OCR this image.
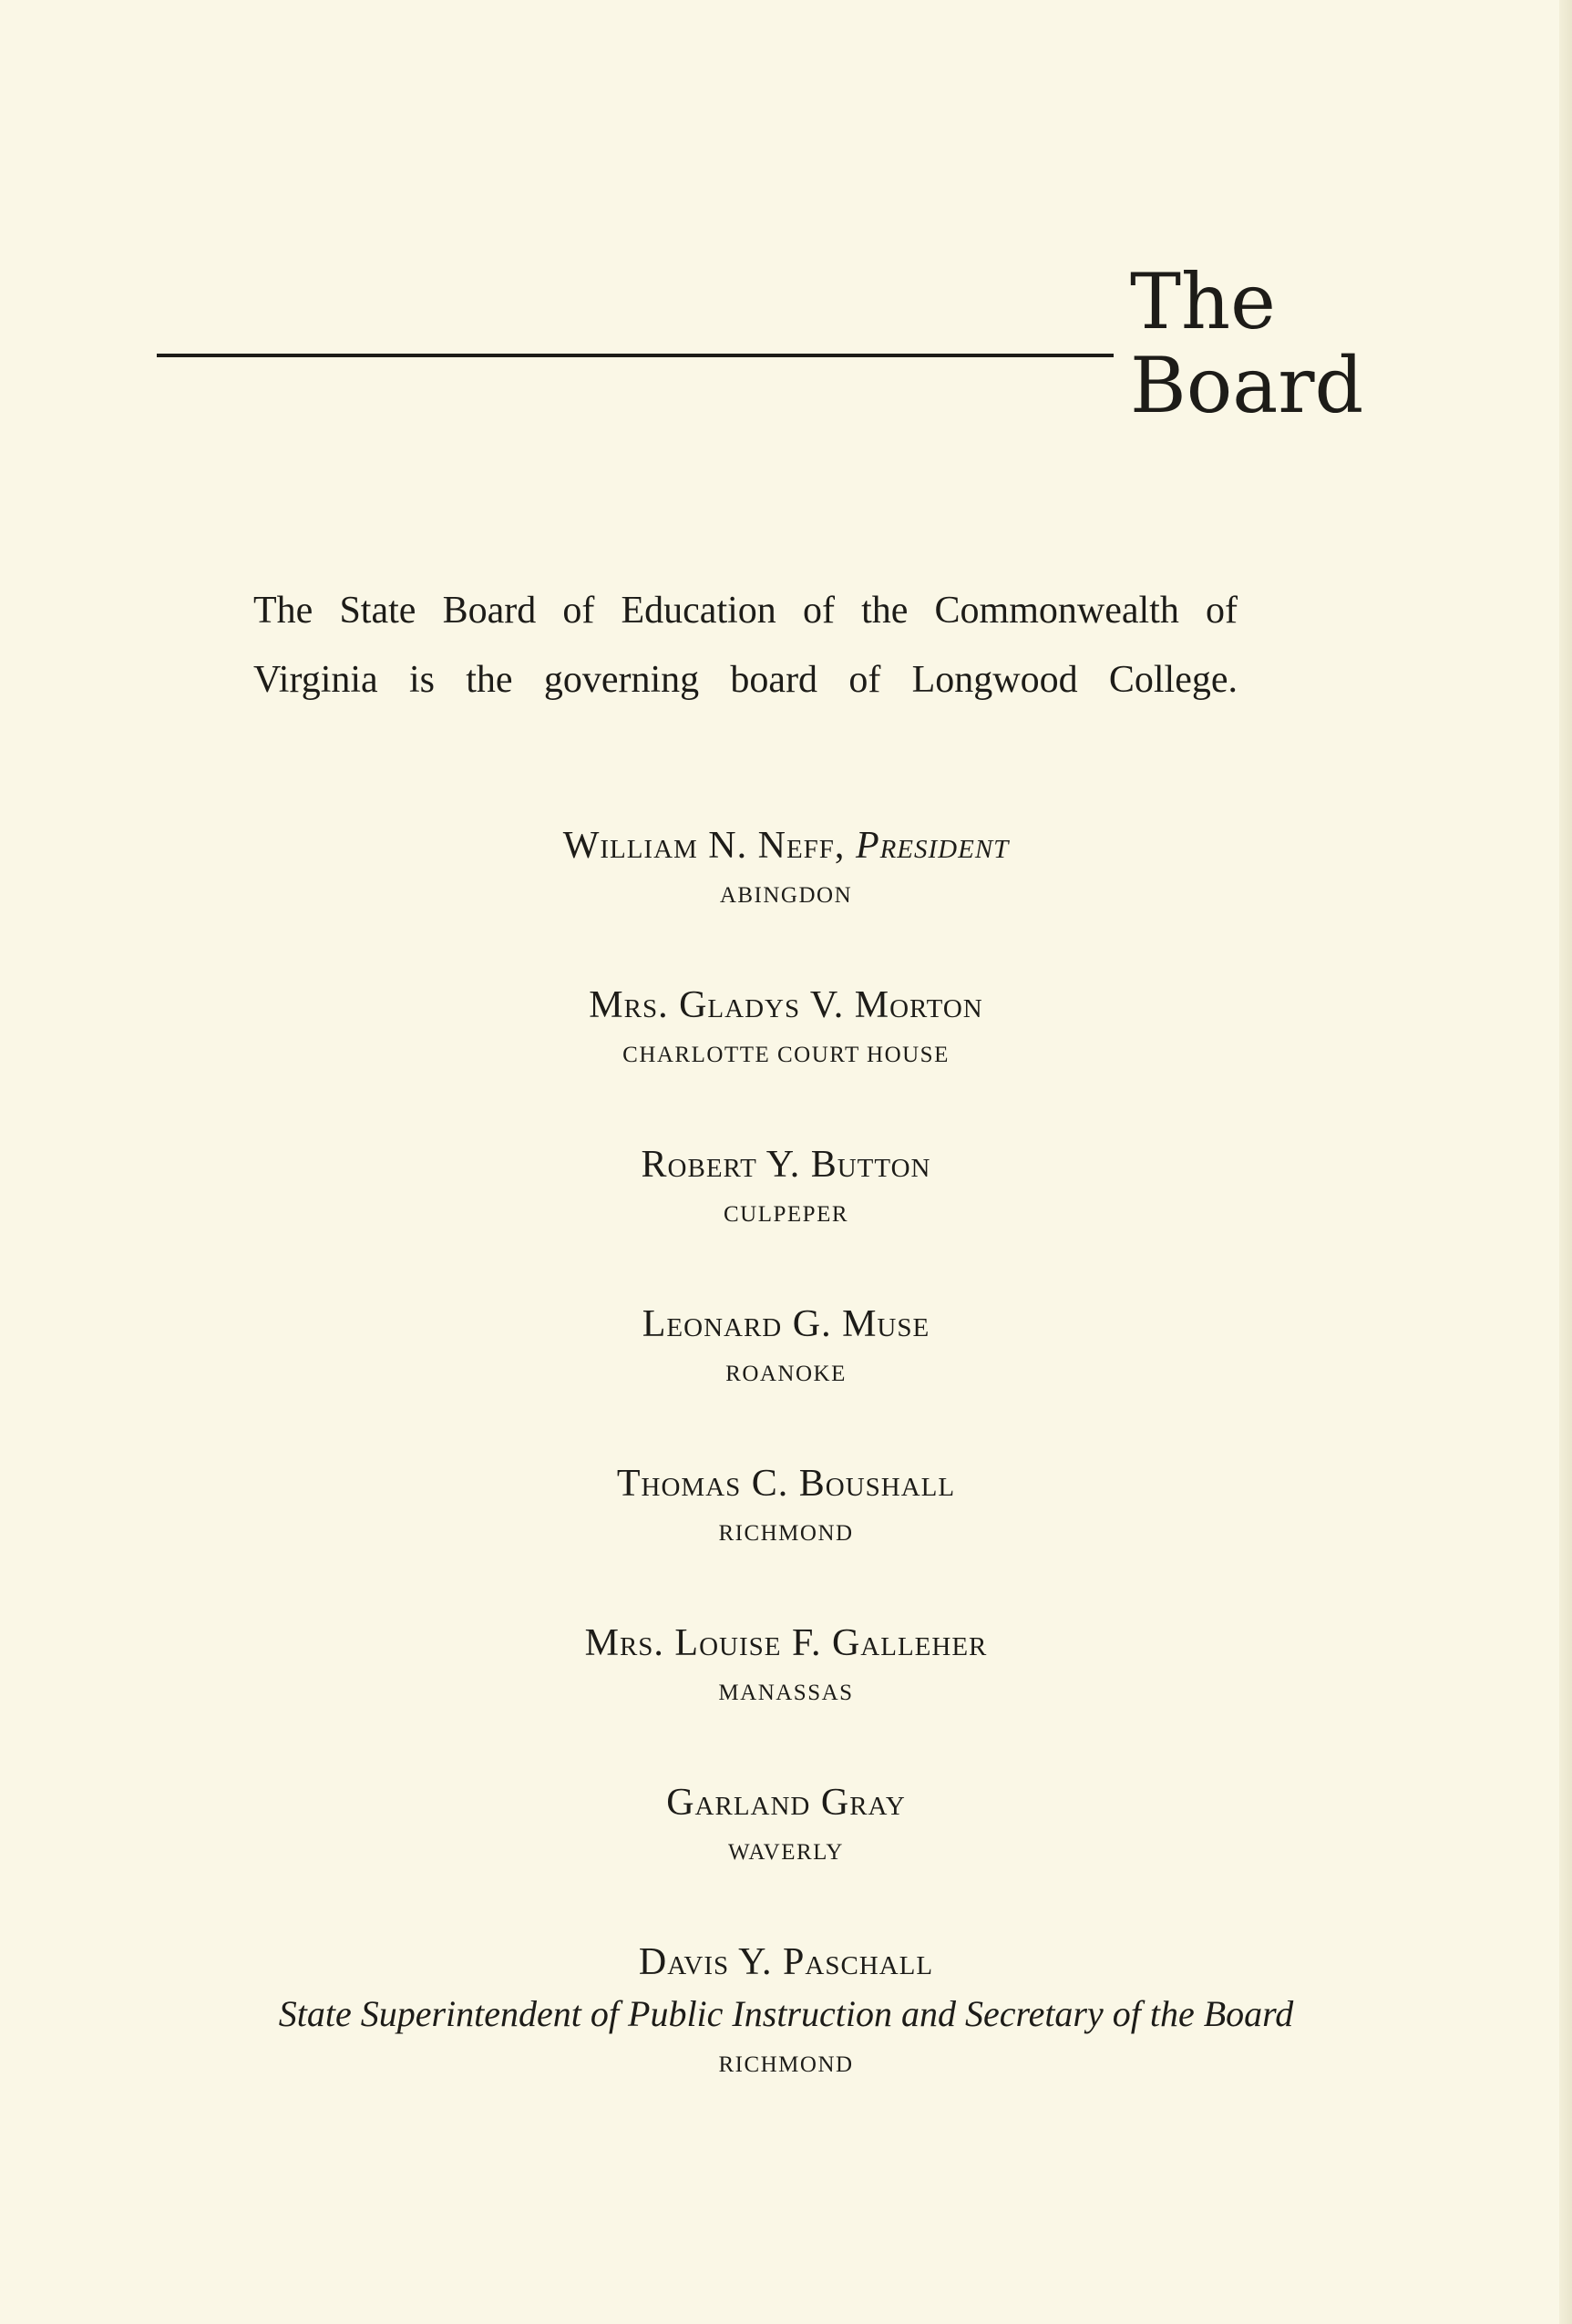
The
Board
The State Board of Education of the Commonwealth of
Virginia is the governing board of Longwood College.
William N. Neff, President
ABINGDON
Mrs. Gladys V. Morton
CHARLOTTE COURT HOUSE
Robert Y. Button
CULPEPER
Leonard G. Muse
ROANOKE
Thomas C. Boushall
RICHMOND
Mrs. Louise F. Galleher
MANASSAS
Garland Gray
WAVERLY
Davis Y. Paschall
State Superintendent of Public Instruction and Secretary of the Board
RICHMOND
